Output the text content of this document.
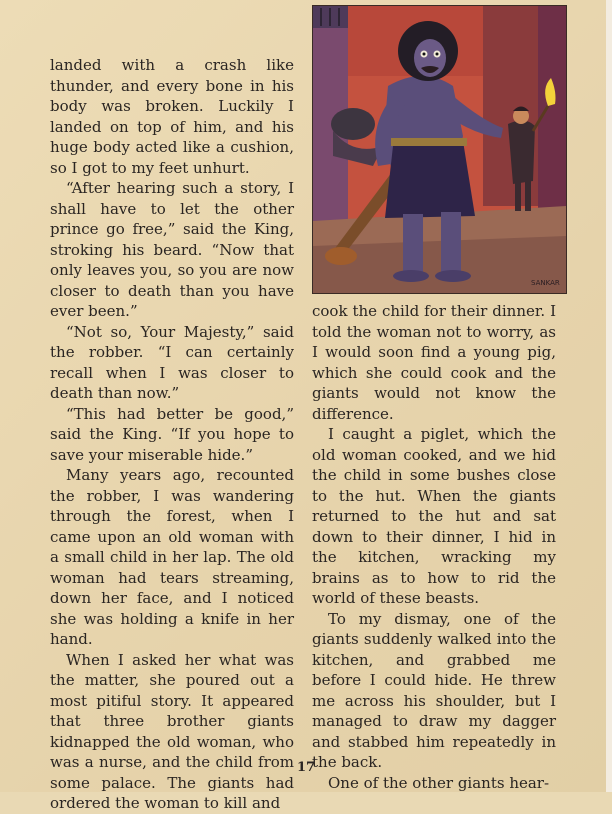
SANKAR

landed with a crash like thunder, and every bone in his body was broken. Luckily I landed on top of him, and his huge body acted like a cushion, so I got to my feet unhurt.

“After hearing such a story, I shall have to let the other prince go free,” said the King, stroking his beard. “Now that only leaves you, so you are now closer to death than you have ever been.”

“Not so, Your Majesty,” said the robber. “I can certainly recall when I was closer to death than now.”

“This had better be good,” said the King. “If you hope to save your miserable hide.”

Many years ago, recounted the robber, I was wandering through the forest, when I came upon an old woman with a small child in her lap. The old woman had tears streaming, down her face, and I noticed she was holding a knife in her hand.

When I asked her what was the matter, she poured out a most pitiful story. It appeared that three brother giants kidnapped the old woman, who was a nurse, and the child from some palace. The giants had ordered the woman to kill and

cook the child for their dinner. I told the woman not to worry, as I would soon find a young pig, which she could cook and the giants would not know the difference.

I caught a piglet, which the old woman cooked, and we hid the child in some bushes close to the hut. When the giants returned to the hut and sat down to their dinner, I hid in the kitchen, wracking my brains as to how to rid the world of these beasts.

To my dismay, one of the giants suddenly walked into the kitchen, and grabbed me before I could hide. He threw me across his shoulder, but I managed to draw my dagger and stabbed him repeatedly in the back.

One of the other giants hear-

17
